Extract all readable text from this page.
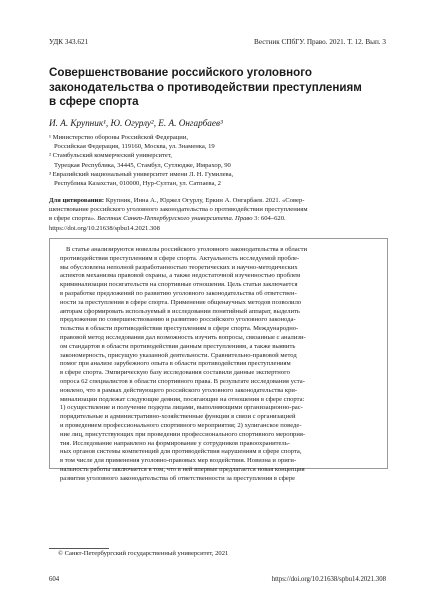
УДК 343.621	Вестник СПбГУ. Право. 2021. Т. 12. Вып. 3
Совершенствование российского уголовного
законодательства о противодействии преступлениям
в сфере спорта
И. А. Крупник¹, Ю. Огурлу², Е. А. Онгарбаев³
¹ Министерство обороны Российской Федерации,
Российская Федерация, 119160, Москва, ул. Знаменка, 19
² Стамбульский коммерческий университет,
Турецкая Республика, 34445, Стамбул, Сутлюдже, Имрахор, 90
³ Евразийский национальный университет имени Л. Н. Гумилева,
Республика Казахстан, 010000, Нур-Султан, ул. Сатпаева, 2
Для цитирования: Крупник, Инна А., Юджел Огурлу, Еркин А. Онгарбаев. 2021. «Совер-
шенствование российского уголовного законодательства о противодействии преступлениям
в сфере спорта». Вестник Санкт-Петербургского университета. Право 3: 604–620.
https://doi.org/10.21638/spbu14.2021.308
В статье анализируются новеллы российского уголовного законодательства в области
противодействия преступлениям в сфере спорта. Актуальность исследуемой пробле-
мы обусловлена неполной разработанностью теоретических и научно-методических
аспектов механизма правовой охраны, а также недостаточной изученностью проблем
криминализации посягательств на спортивные отношения. Цель статьи заключается
в разработке предложений по развитию уголовного законодательства об ответствен-
ности за преступления в сфере спорта. Применение общенаучных методов позволило
авторам сформировать используемый в исследовании понятийный аппарат, выделить
предложения по совершенствованию и развитию российского уголовного законода-
тельства в области противодействия преступлениям в сфере спорта. Международно-
правовой метод исследования дал возможность изучить вопросы, связанные с анализи-
ом стандартов в области противодействия данным преступлениям, а также выявить
закономерность, присущую указанной деятельности. Сравнительно-правовой метод
помог при анализе зарубежного опыта в области противодействия преступлениям
в сфере спорта. Эмпирическую базу исследования составили данные экспертного
опроса 62 специалистов в области спортивного права. В результате исследования уста-
новлено, что в рамках действующего российского уголовного законодательства кри-
минализации подлежат следующие деяния, посягающие на отношения в сфере спорта:
1) осуществление и получение подкупа лицами, выполняющими организационно-рас-
порядительные и административно-хозяйственные функции в связи с организацией
и проведением профессионального спортивного мероприятия; 2) хулиганское поведе-
ние лиц, присутствующих при проведении профессионального спортивного мероприя-
тия. Исследование направлено на формирование у сотрудников правоохранитель-
ных органов системы компетенций для противодействия нарушениям в сфере спорта,
в том числе для применения уголовно-правовых мер воздействия. Новизна и ориги-
нальность работы заключается в том, что в ней впервые предлагается новая концепция
развития уголовного законодательства об ответственности за преступления в сфере
© Санкт-Петербургский государственный университет, 2021
604	https://doi.org/10.21638/spbu14.2021.308
